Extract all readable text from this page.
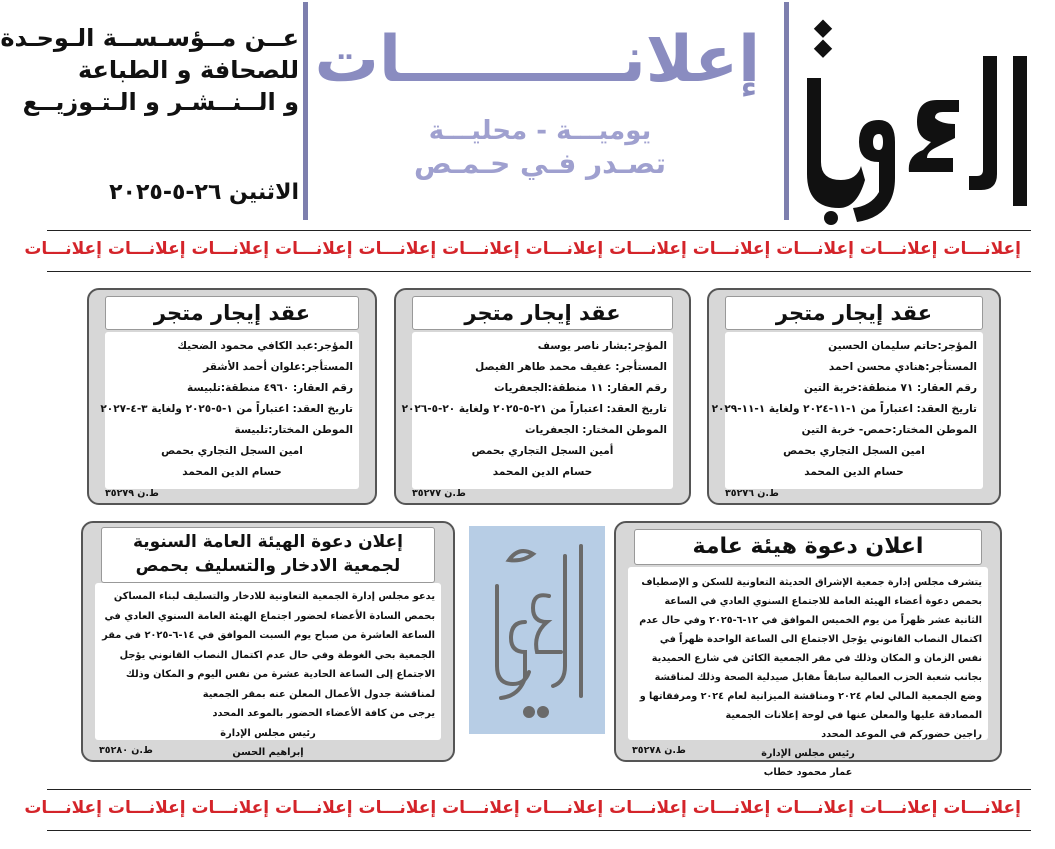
إعلانــــــــــات
يوميـــة - محليـــة
تصـدر فـي حـمـص
عــن مــؤسـســة الـوحـدة
للصحافة و الطباعة
و الــنــشـر و الـتـوزيــع
الاثنين ٢٦-٥-٢٠٢٥
إعلانـــات إعلانـــات إعلانـــات إعلانـــات إعلانـــات إعلانـــات إعلانـــات إعلانـــات إعلانـــات إعلانـــات إعلانـــات إعلانـــات
عقد إيجار متجر
المؤجر:حاتم سليمان الحسين
المستأجر:هنادي محسن احمد
رقم العقار: ٧١ منطقة:خربة التين
تاريخ العقد: اعتباراً من ١-١١-٢٠٢٤ ولغاية ١-١١-٢٠٢٩
الموطن المختار:حمص- خربة التين
امين السجل التجاري بحمص
حسام الدين المحمد
ط.ن ٣٥٢٧٦
عقد إيجار متجر
المؤجر:بشار ناصر يوسف
المستأجر: عفيف محمد طاهر الفيصل
رقم العقار: ١١ منطقة:الجعفريات
تاريخ العقد: اعتباراً من ٢١-٥-٢٠٢٥ ولغاية ٢٠-٥-٢٠٢٦
الموطن المختار: الجعفريات
أمين السجل التجاري بحمص
حسام الدين المحمد
ط.ن ٣٥٢٧٧
عقد إيجار متجر
المؤجر:عبد الكافي محمود الضحيك
المستأجر:علوان أحمد الأشقر
رقم العقار: ٤٩٦٠ منطقة:تلبيسة
تاريخ العقد: اعتباراً من ١-٥-٢٠٢٥ ولغاية ٣-٤-٢٠٢٧
الموطن المختار:تلبيسة
امين السجل التجاري بحمص
حسام الدين المحمد
ط.ن ٣٥٢٧٩
اعلان دعوة هيئة عامة

يتشرف مجلس إدارة جمعية الإشراق الحديثة التعاونية للسكن و الإصطياف بحمص دعوة أعضاء الهيئة العامة للاجتماع السنوي العادي في الساعة الثانية عشر ظهراً من يوم الخميس الموافق في ١٢-٦-٢٠٢٥ وفي حال عدم اكتمال النصاب القانوني يؤجل الاجتماع الى الساعة الواحدة ظهراً في نفس الزمان و المكان وذلك في مقر الجمعية الكائن في شارع الحميدية بجانب شعبة الحزب العمالية سابقاً مقابل صيدلية الصحة وذلك لمناقشة وضع الجمعية المالي لعام ٢٠٢٤ ومناقشة الميزانية لعام ٢٠٢٤ ومرفقاتها و المصادقة عليها والمعلن عنها في لوحة إعلانات الجمعية

راجين حضوركم في الموعد المحدد

رئيس مجلس الإدارة

عمار محمود خطاب

ط.ن ٣٥٢٧٨
إعلان دعوة الهيئة العامة السنوية لجمعية الادخار والتسليف بحمص

يدعو مجلس إدارة الجمعية التعاونية للادخار والتسليف لبناء المساكن بحمص السادة الأعضاء لحضور اجتماع الهيئة العامة السنوي العادي في الساعة العاشرة من صباح يوم السبت الموافق في ١٤-٦-٢٠٢٥ في مقر الجمعية بحي الغوطة وفي حال عدم اكتمال النصاب القانوني يؤجل الاجتماع إلى الساعة الحادية عشرة من نفس اليوم و المكان وذلك لمناقشة جدول الأعمال المعلن عنه بمقر الجمعية

يرجى من كافة الأعضاء الحضور بالموعد المحدد

رئيس مجلس الإدارة

إبراهيم الحسن

ط.ن ٣٥٢٨٠
إعلانـــات إعلانـــات إعلانـــات إعلانـــات إعلانـــات إعلانـــات إعلانـــات إعلانـــات إعلانـــات إعلانـــات إعلانـــات إعلانـــات
